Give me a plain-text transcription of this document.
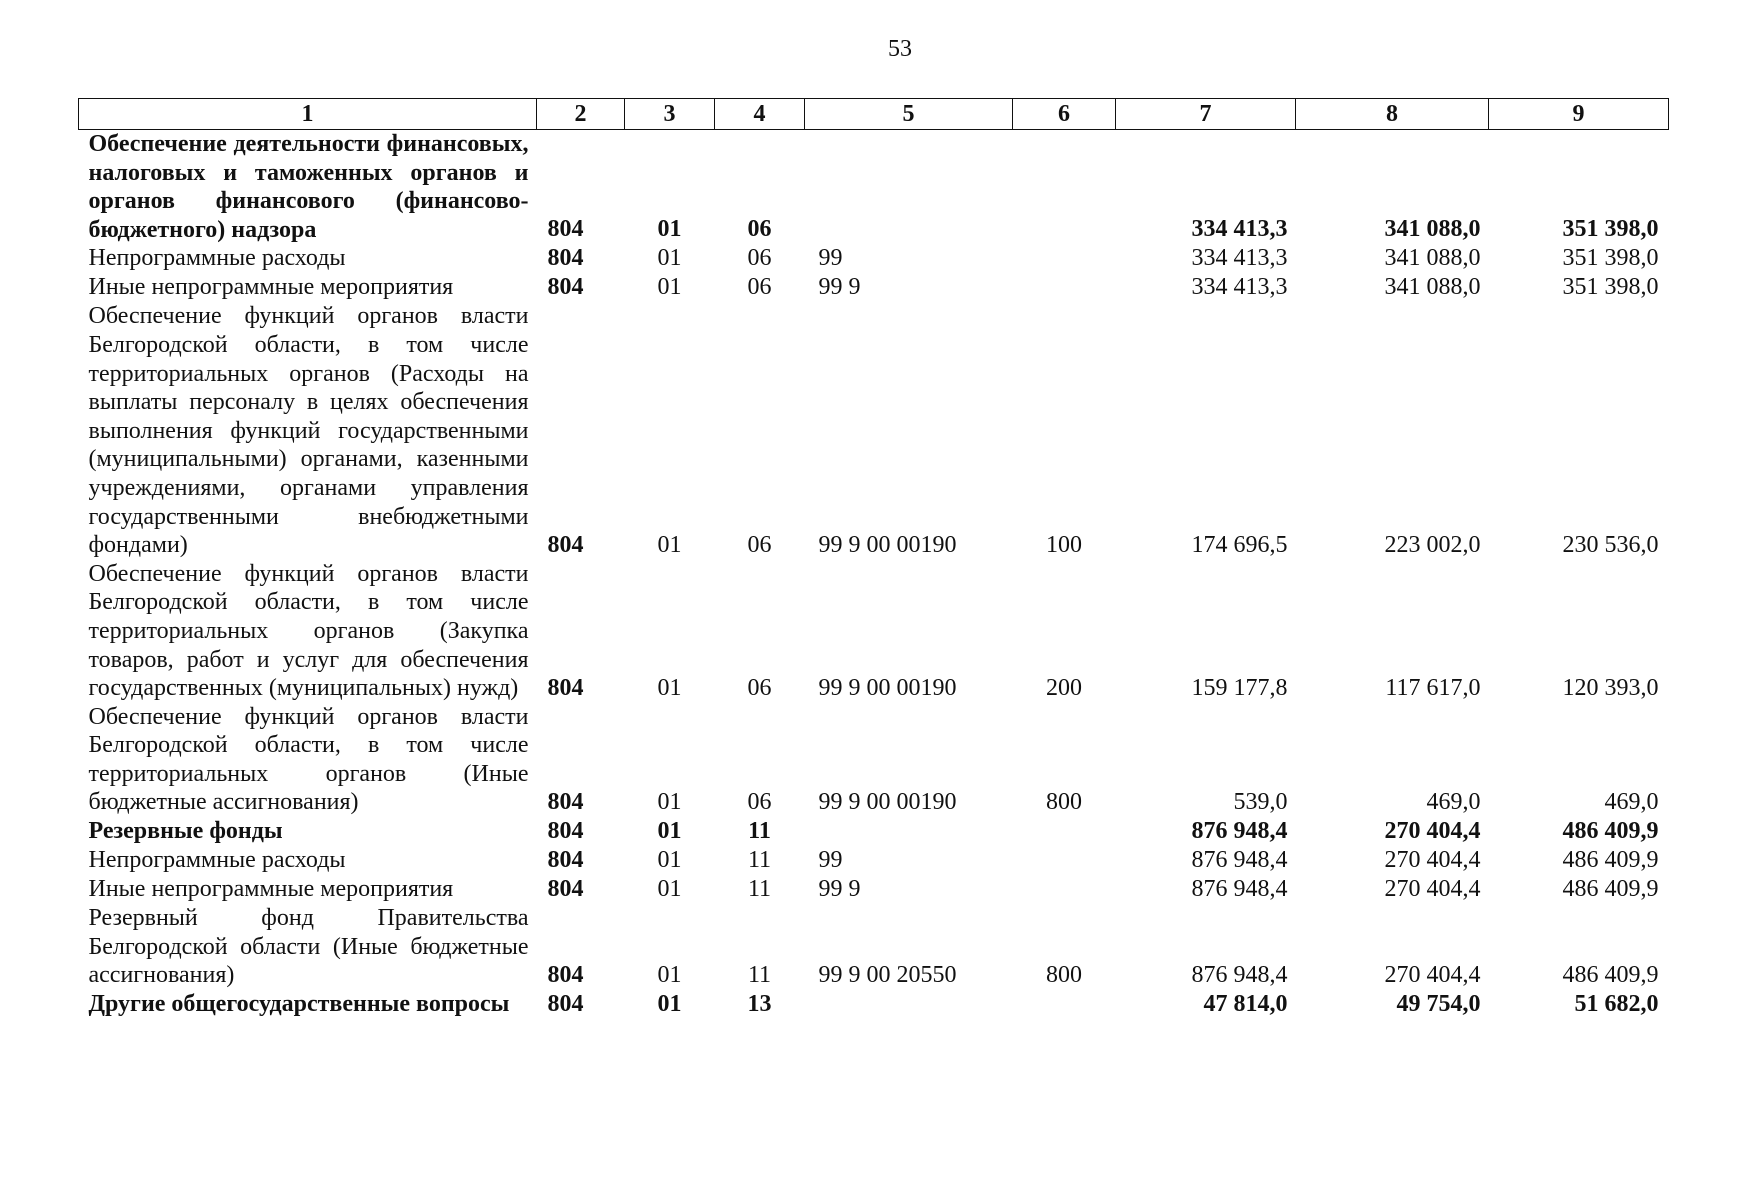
53
1	2	3	4	5	6	7	8	9
Обеспечение деятельности финансовых, налоговых и таможенных органов и органов финансового (финансово-бюджетного) надзора	804	01	06			334 413,3	341 088,0	351 398,0
Непрограммные расходы	804	01	06	99		334 413,3	341 088,0	351 398,0
Иные непрограммные мероприятия	804	01	06	99 9		334 413,3	341 088,0	351 398,0
Обеспечение функций органов власти Белгородской области, в том числе территориальных органов (Расходы на выплаты персоналу в целях обеспечения выполнения функций государственными (муниципальными) органами, казенными учреждениями, органами управления государственными внебюджетными фондами)	804	01	06	99 9 00 00190	100	174 696,5	223 002,0	230 536,0
Обеспечение функций органов власти Белгородской области, в том числе территориальных органов (Закупка товаров, работ и услуг для обеспечения государственных (муниципальных) нужд)	804	01	06	99 9 00 00190	200	159 177,8	117 617,0	120 393,0
Обеспечение функций органов власти Белгородской области, в том числе территориальных органов (Иные бюджетные ассигнования)	804	01	06	99 9 00 00190	800	539,0	469,0	469,0
Резервные фонды	804	01	11			876 948,4	270 404,4	486 409,9
Непрограммные расходы	804	01	11	99		876 948,4	270 404,4	486 409,9
Иные непрограммные мероприятия	804	01	11	99 9		876 948,4	270 404,4	486 409,9
Резервный фонд Правительства Белгородской области (Иные бюджетные ассигнования)	804	01	11	99 9 00 20550	800	876 948,4	270 404,4	486 409,9
Другие общегосударственные вопросы	804	01	13			47 814,0	49 754,0	51 682,0
